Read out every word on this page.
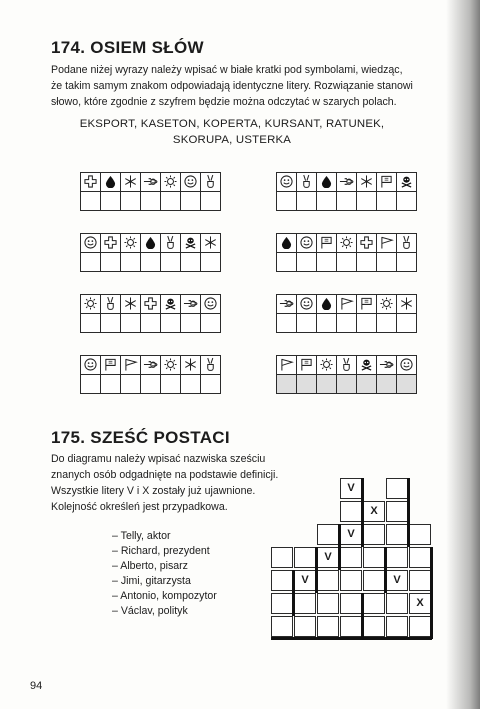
174. OSIEM SŁÓW
Podane niżej wyrazy należy wpisać w białe kratki pod symbolami, wiedząc,
że takim samym znakom odpowiadają identyczne litery. Rozwiązanie stanowi
słowo, które zgodnie z szyfrem będzie można odczytać w szarych polach.
EKSPORT, KASETON, KOPERTA, KURSANT, RATUNEK,
SKORUPA, USTERKA

175. SZEŚĆ POSTACI
Do diagramu należy wpisać nazwiska sześciu
znanych osób odgadnięte na podstawie definicji.
Wszystkie litery V i X zostały już ujawnione.
Kolejność określeń jest przypadkowa.
– Telly, aktor
– Richard, prezydent
– Alberto, pisarz
– Jimi, gitarzysta
– Antonio, kompozytor
– Václav, polityk
V
X
V
V
V	V
X
94
